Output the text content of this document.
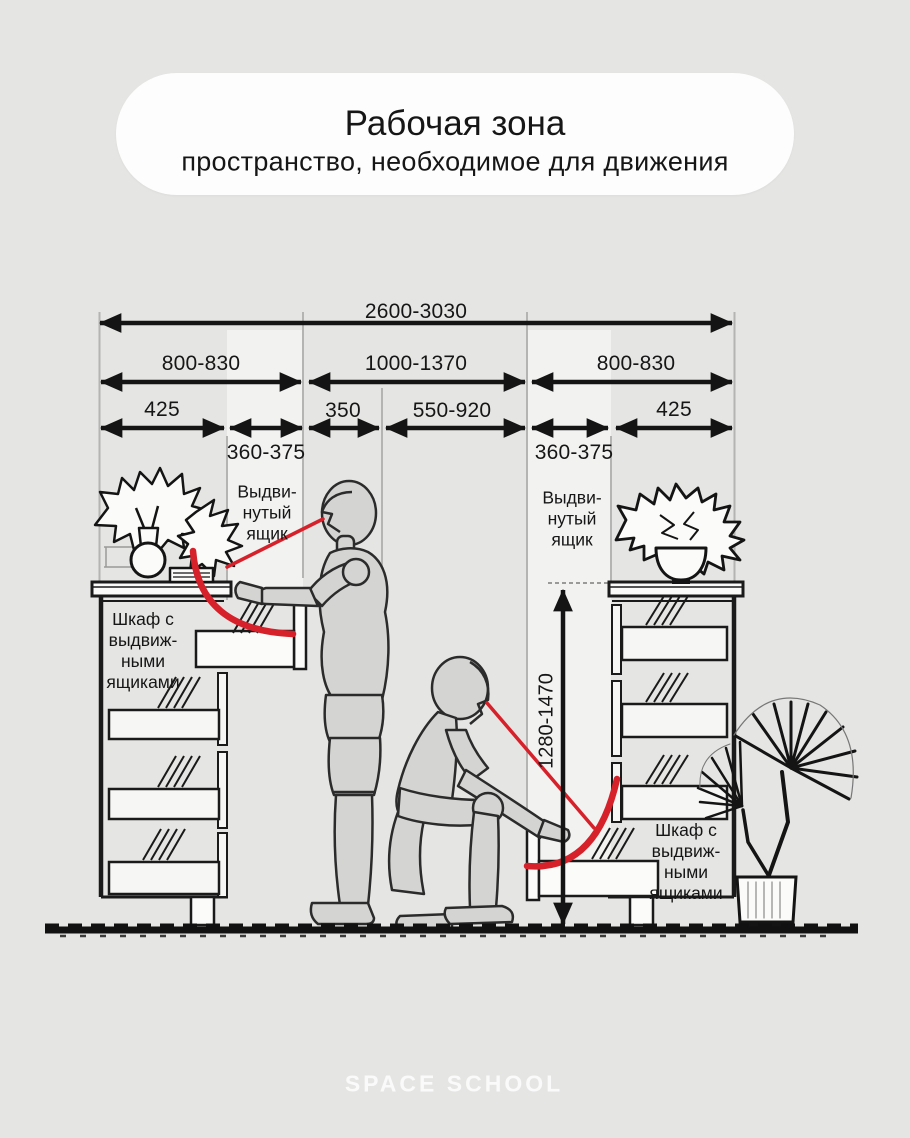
Рабочая зона
пространство, необходимое для движения
2600-3030
800-830	1000-1370	800-830
425	350 550-920	425
360-375	360-375
1280-1470
Выдви-
нутый
ящик
Выдви-
нутый
ящик
Шкаф с
выдвиж-
ными
ящиками
Шкаф с
выдвиж-
ными
ящиками
SPACE SCHOOL
